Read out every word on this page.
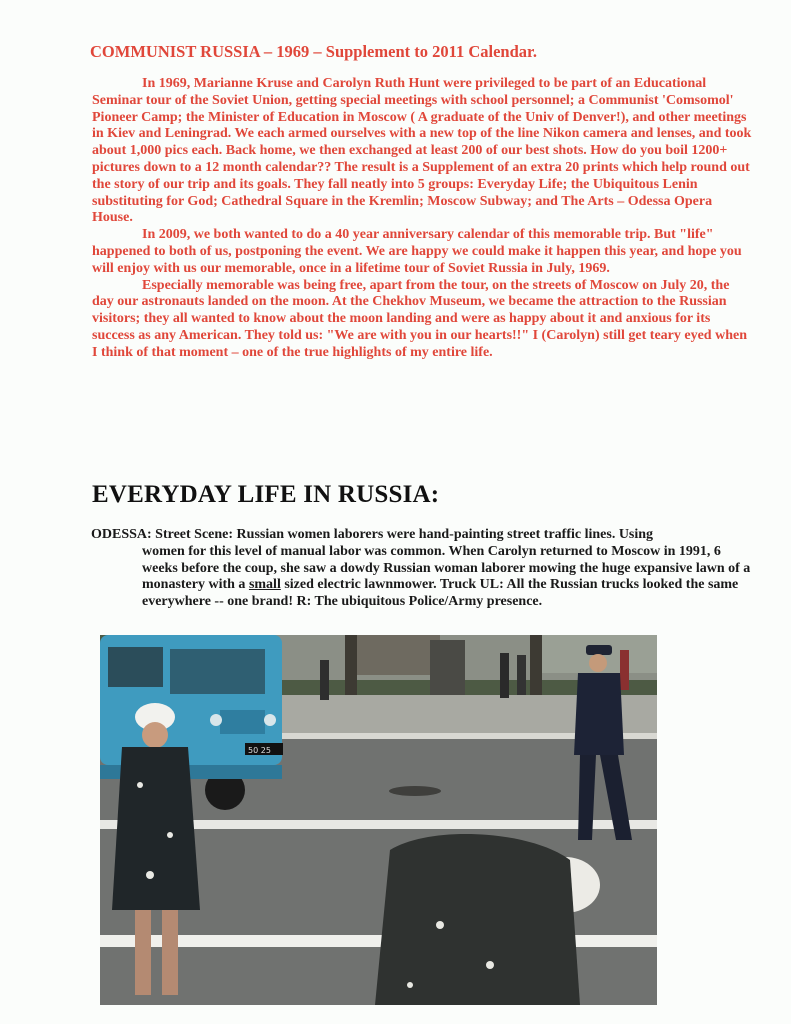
COMMUNIST RUSSIA – 1969 – Supplement to 2011 Calendar.

In 1969, Marianne Kruse and Carolyn Ruth Hunt were privileged to be part of an Educational Seminar tour of the Soviet Union, getting special meetings with school personnel; a Communist 'Comsomol' Pioneer Camp; the Minister of Education in Moscow ( A graduate of the Univ of Denver!), and other meetings in Kiev and Leningrad. We each armed ourselves with a new top of the line Nikon camera and lenses, and took about 1,000 pics each. Back home, we then exchanged at least 200 of our best shots. How do you boil 1200+ pictures down to a 12 month calendar?? The result is a Supplement of an extra 20 prints which help round out the story of our trip and its goals. They fall neatly into 5 groups: Everyday Life; the Ubiquitous Lenin substituting for God; Cathedral Square in the Kremlin; Moscow Subway; and The Arts – Odessa Opera House.

In 2009, we both wanted to do a 40 year anniversary calendar of this memorable trip. But "life" happened to both of us, postponing the event. We are happy we could make it happen this year, and hope you will enjoy with us our memorable, once in a lifetime tour of Soviet Russia in July, 1969.

Especially memorable was being free, apart from the tour, on the streets of Moscow on July 20, the day our astronauts landed on the moon. At the Chekhov Museum, we became the attraction to the Russian visitors; they all wanted to know about the moon landing and were as happy about it and anxious for its success as any American. They told us: "We are with you in our hearts!!" I (Carolyn) still get teary eyed when I think of that moment – one of the true highlights of my entire life.

EVERYDAY LIFE IN RUSSIA:
ODESSA: Street Scene: Russian women laborers were hand-painting street traffic lines. Using
women for this level of manual labor was common. When Carolyn returned to Moscow in 1991, 6 weeks before the coup, she saw a dowdy Russian woman laborer mowing the huge expansive lawn of a monastery with a small sized electric lawnmower. Truck UL: All the Russian trucks looked the same everywhere -- one brand! R: The ubiquitous Police/Army presence.
50 25
